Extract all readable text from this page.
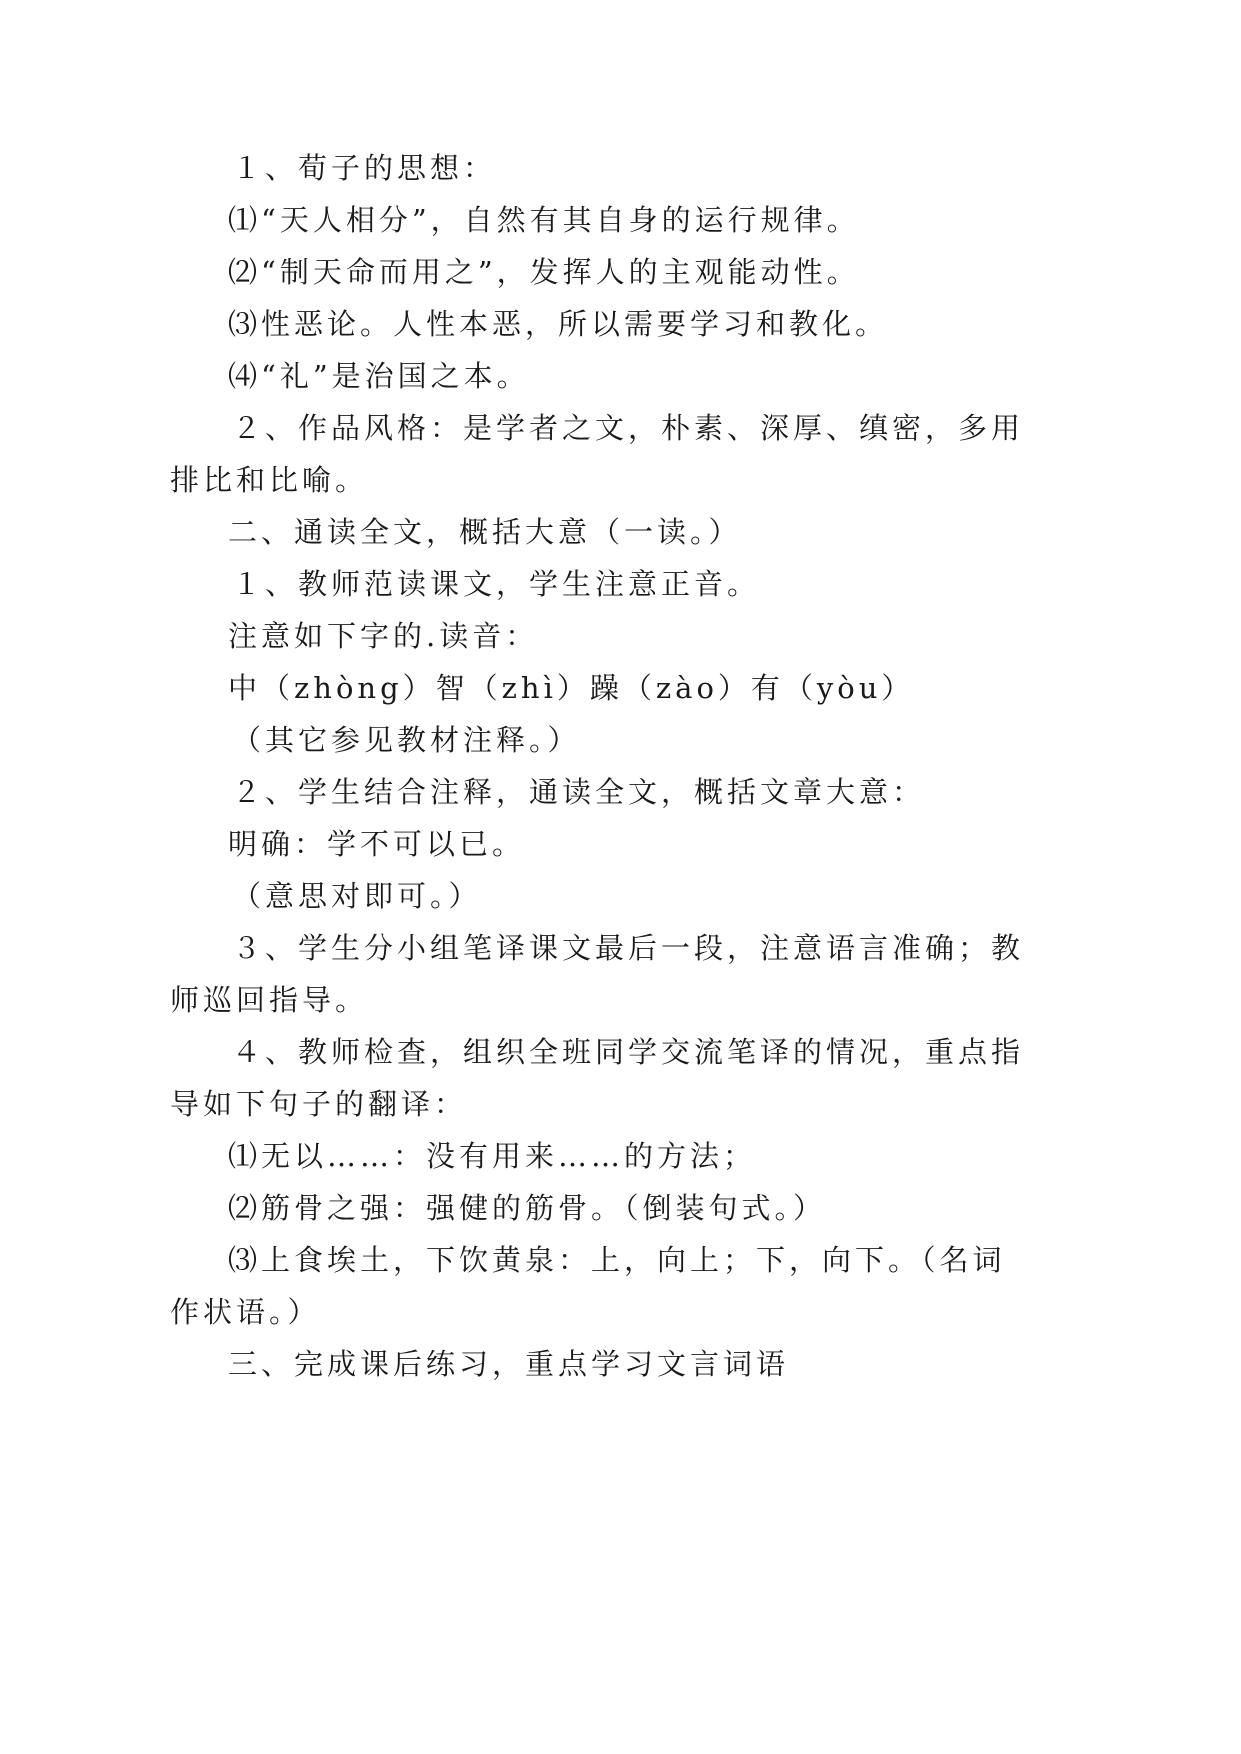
１、荀子的思想：
⑴“天人相分”，自然有其自身的运行规律。
⑵“制天命而用之”，发挥人的主观能动性。
⑶性恶论。人性本恶，所以需要学习和教化。
⑷“礼”是治国之本。
２、作品风格：是学者之文，朴素、深厚、缜密，多用
排比和比喻。
二、通读全文，概括大意（一读。）
１、教师范读课文，学生注意正音。
注意如下字的.读音：
中（zhòng）智（zhì）躁（zào）有（yòu）
（其它参见教材注释。）
２、学生结合注释，通读全文，概括文章大意：
明确：学不可以已。
（意思对即可。）
３、学生分小组笔译课文最后一段，注意语言准确；教
师巡回指导。
４、教师检查，组织全班同学交流笔译的情况，重点指
导如下句子的翻译：
⑴无以……：没有用来……的方法；
⑵筋骨之强：强健的筋骨。（倒装句式。）
⑶上食埃土，下饮黄泉：上，向上；下，向下。（名词
作状语。）
三、完成课后练习，重点学习文言词语
